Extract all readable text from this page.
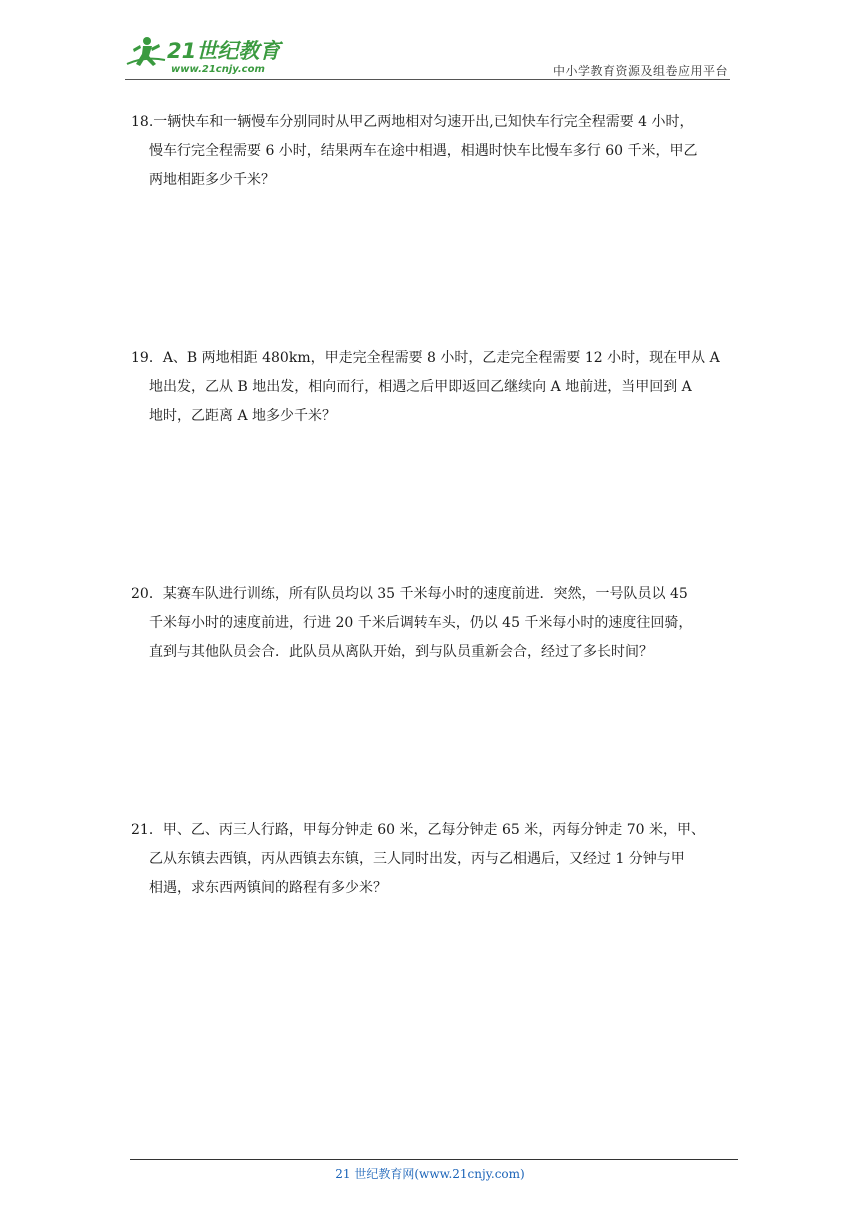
21世纪教育
www.21cnjy.com	中小学教育资源及组卷应用平台
18.一辆快车和一辆慢车分别同时从甲乙两地相对匀速开出,已知快车行完全程需要 4 小时，
慢车行完全程需要 6 小时，结果两车在途中相遇，相遇时快车比慢车多行 60 千米，甲乙
两地相距多少千米？
19．A、B 两地相距 480km，甲走完全程需要 8 小时，乙走完全程需要 12 小时，现在甲从 A
地出发，乙从 B 地出发，相向而行，相遇之后甲即返回乙继续向 A 地前进，当甲回到 A
地时，乙距离 A 地多少千米？
20．某赛车队进行训练，所有队员均以 35 千米每小时的速度前进．突然，一号队员以 45
千米每小时的速度前进，行进 20 千米后调转车头，仍以 45 千米每小时的速度往回骑，
直到与其他队员会合．此队员从离队开始，到与队员重新会合，经过了多长时间？
21．甲、乙、丙三人行路，甲每分钟走 60 米，乙每分钟走 65 米，丙每分钟走 70 米，甲、
乙从东镇去西镇，丙从西镇去东镇，三人同时出发，丙与乙相遇后，又经过 1 分钟与甲
相遇，求东西两镇间的路程有多少米？
21 世纪教育网(www.21cnjy.com)
